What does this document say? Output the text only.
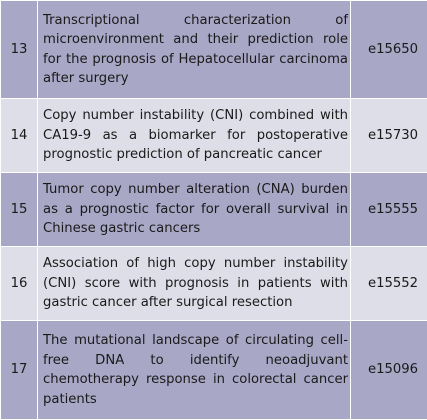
13	Transcriptional characterization of microenvironment and their prediction role for the prognosis of Hepatocellular carcinoma after surgery	e15650
14	Copy number instability (CNI) combined with CA19-9 as a biomarker for postoperative prognostic prediction of pancreatic cancer	e15730
15	Tumor copy number alteration (CNA) burden as a prognostic factor for overall survival in Chinese gastric cancers	e15555
16	Association of high copy number instability (CNI) score with prognosis in patients with gastric cancer after surgical resection	e15552
17	The mutational landscape of circulating cell-free DNA to identify neoadjuvant chemotherapy response in colorectal cancer patients	e15096
